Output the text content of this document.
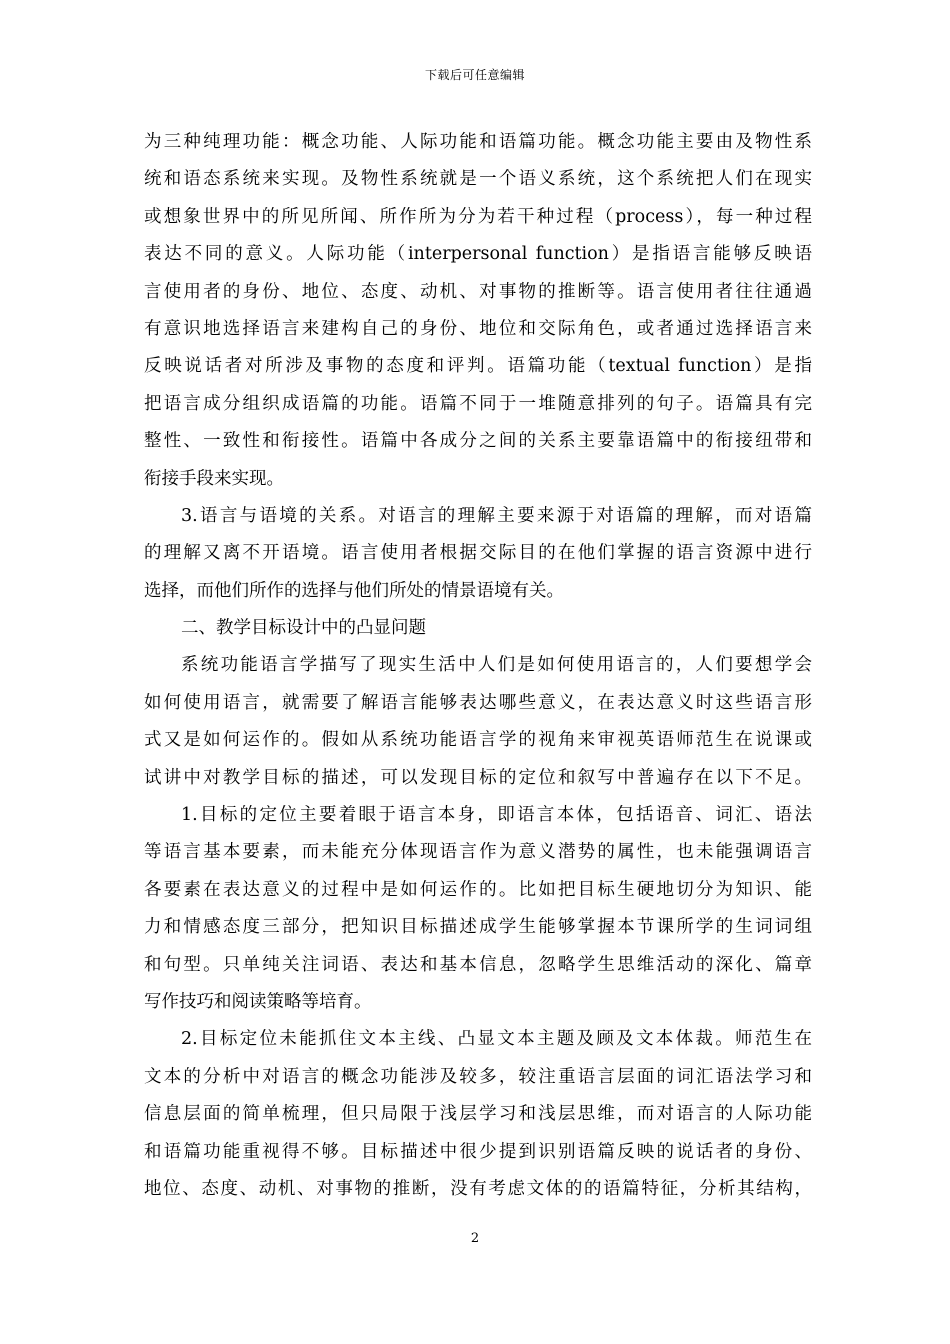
下载后可任意编辑
为三种纯理功能：概念功能、人际功能和语篇功能。概念功能主要由及物性系
统和语态系统来实现。及物性系统就是一个语义系统，这个系统把人们在现实
或想象世界中的所见所闻、所作所为分为若干种过程（process），每一种过程
表达不同的意义。人际功能（interpersonal function）是指语言能够反映语
言使用者的身份、地位、态度、动机、对事物的推断等。语言使用者往往通過
有意识地选择语言来建构自己的身份、地位和交际角色，或者通过选择语言来
反映说话者对所涉及事物的态度和评判。语篇功能（textual function）是指
把语言成分组织成语篇的功能。语篇不同于一堆随意排列的句子。语篇具有完
整性、一致性和衔接性。语篇中各成分之间的关系主要靠语篇中的衔接纽带和
衔接手段来实现。
3.语言与语境的关系。对语言的理解主要来源于对语篇的理解，而对语篇
的理解又离不开语境。语言使用者根据交际目的在他们掌握的语言资源中进行
选择，而他们所作的选择与他们所处的情景语境有关。
二、教学目标设计中的凸显问题
系统功能语言学描写了现实生活中人们是如何使用语言的，人们要想学会
如何使用语言，就需要了解语言能够表达哪些意义，在表达意义时这些语言形
式又是如何运作的。假如从系统功能语言学的视角来审视英语师范生在说课或
试讲中对教学目标的描述，可以发现目标的定位和叙写中普遍存在以下不足。
1.目标的定位主要着眼于语言本身，即语言本体，包括语音、词汇、语法
等语言基本要素，而未能充分体现语言作为意义潜势的属性，也未能强调语言
各要素在表达意义的过程中是如何运作的。比如把目标生硬地切分为知识、能
力和情感态度三部分，把知识目标描述成学生能够掌握本节课所学的生词词组
和句型。只单纯关注词语、表达和基本信息，忽略学生思维活动的深化、篇章
写作技巧和阅读策略等培育。
2.目标定位未能抓住文本主线、凸显文本主题及顾及文本体裁。师范生在
文本的分析中对语言的概念功能涉及较多，较注重语言层面的词汇语法学习和
信息层面的简单梳理，但只局限于浅层学习和浅层思维，而对语言的人际功能
和语篇功能重视得不够。目标描述中很少提到识别语篇反映的说话者的身份、
地位、态度、动机、对事物的推断，没有考虑文体的的语篇特征，分析其结构，
2
